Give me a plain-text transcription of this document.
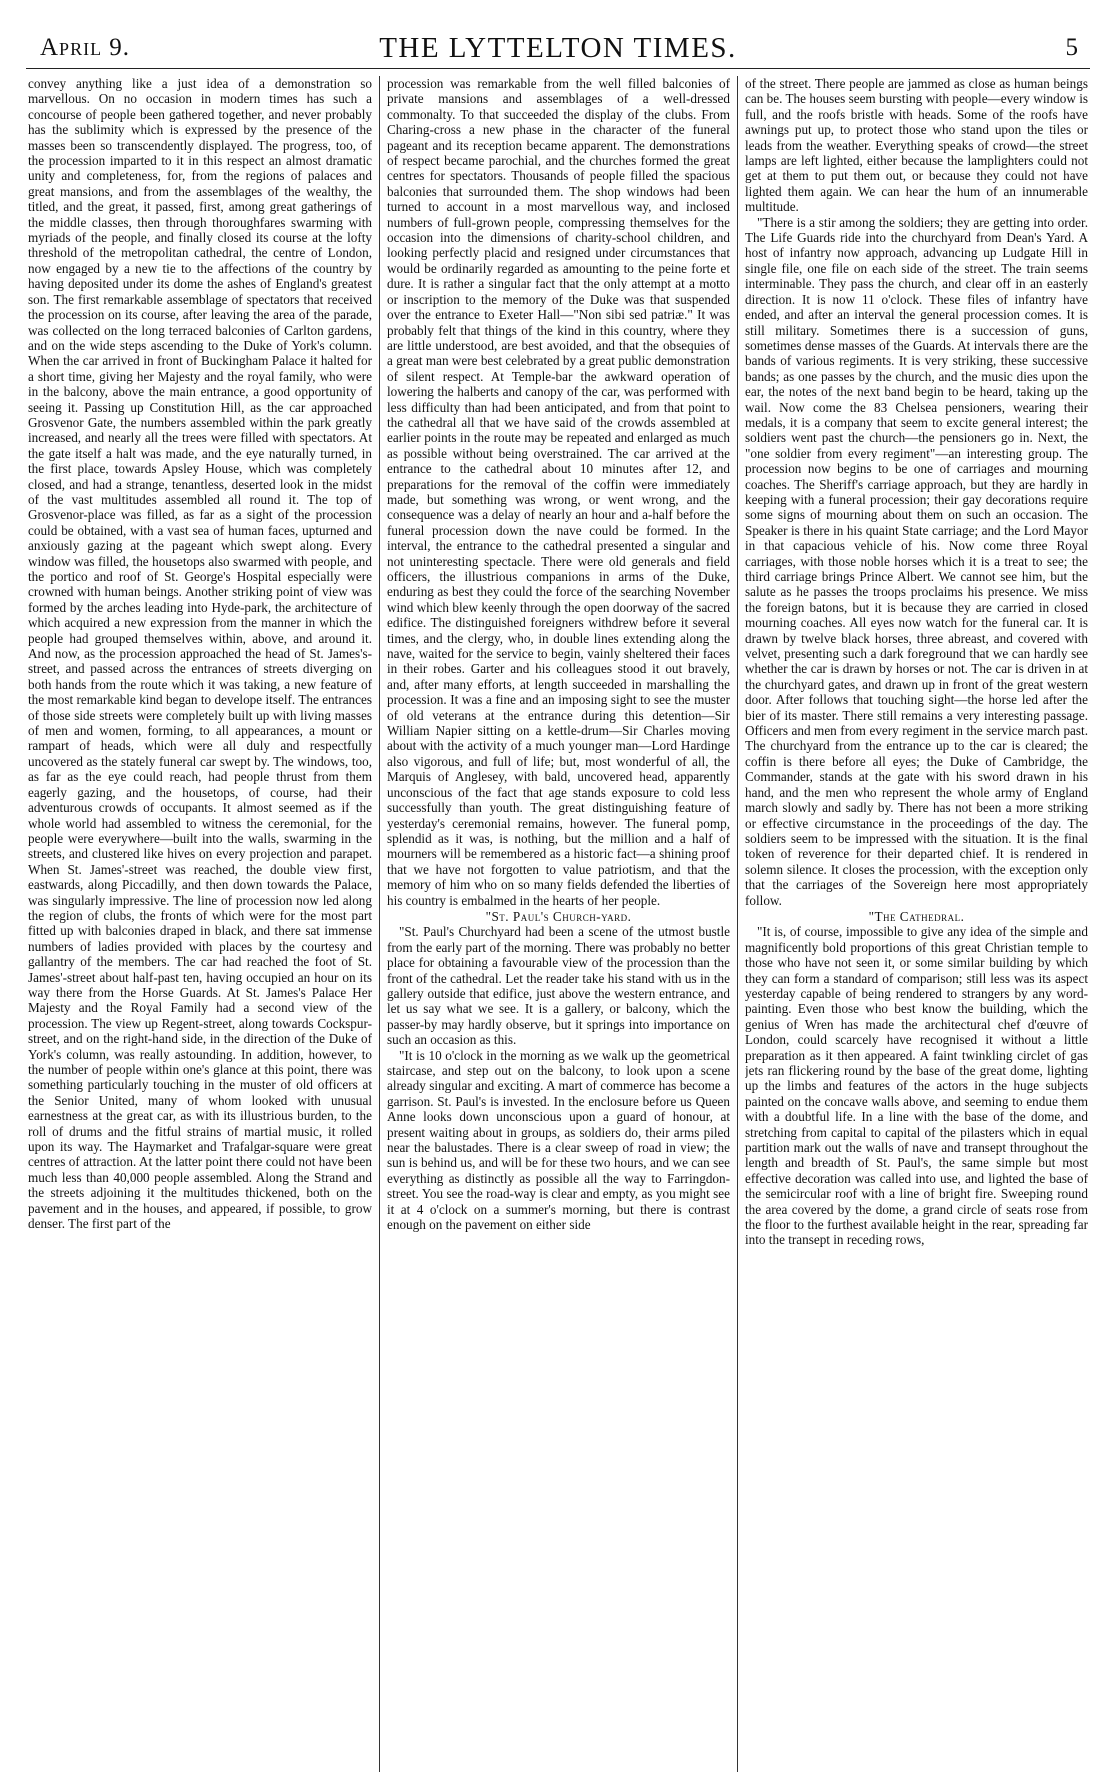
April 9.	THE LYTTELTON TIMES.	5

convey anything like a just idea of a demonstration so marvellous. On no occasion in modern times has such a concourse of people been gathered together, and never probably has the sublimity which is expressed by the presence of the masses been so transcendently displayed. The progress, too, of the procession imparted to it in this respect an almost dramatic unity and completeness, for, from the regions of palaces and great mansions, and from the assemblages of the wealthy, the titled, and the great, it passed, first, among great gatherings of the middle classes, then through thoroughfares swarming with myriads of the people, and finally closed its course at the lofty threshold of the metropolitan cathedral, the centre of London, now engaged by a new tie to the affections of the country by having deposited under its dome the ashes of England's greatest son. The first remarkable assemblage of spectators that received the procession on its course, after leaving the area of the parade, was collected on the long terraced balconies of Carlton gardens, and on the wide steps ascending to the Duke of York's column. When the car arrived in front of Buckingham Palace it halted for a short time, giving her Majesty and the royal family, who were in the balcony, above the main entrance, a good opportunity of seeing it. Passing up Constitution Hill, as the car approached Grosvenor Gate, the numbers assembled within the park greatly increased, and nearly all the trees were filled with spectators. At the gate itself a halt was made, and the eye naturally turned, in the first place, towards Apsley House, which was completely closed, and had a strange, tenantless, deserted look in the midst of the vast multitudes assembled all round it. The top of Grosvenor-place was filled, as far as a sight of the procession could be obtained, with a vast sea of human faces, upturned and anxiously gazing at the pageant which swept along. Every window was filled, the housetops also swarmed with people, and the portico and roof of St. George's Hospital especially were crowned with human beings. Another striking point of view was formed by the arches leading into Hyde-park, the architecture of which acquired a new expression from the manner in which the people had grouped themselves within, above, and around it. And now, as the procession approached the head of St. James's-street, and passed across the entrances of streets diverging on both hands from the route which it was taking, a new feature of the most remarkable kind began to develope itself. The entrances of those side streets were completely built up with living masses of men and women, forming, to all appearances, a mount or rampart of heads, which were all duly and respectfully uncovered as the stately funeral car swept by. The windows, too, as far as the eye could reach, had people thrust from them eagerly gazing, and the housetops, of course, had their adventurous crowds of occupants. It almost seemed as if the whole world had assembled to witness the ceremonial, for the people were everywhere—built into the walls, swarming in the streets, and clustered like hives on every projection and parapet. When St. James'-street was reached, the double view first, eastwards, along Piccadilly, and then down towards the Palace, was singularly impressive. The line of procession now led along the region of clubs, the fronts of which were for the most part fitted up with balconies draped in black, and there sat immense numbers of ladies provided with places by the courtesy and gallantry of the members. The car had reached the foot of St. James'-street about half-past ten, having occupied an hour on its way there from the Horse Guards. At St. James's Palace Her Majesty and the Royal Family had a second view of the procession. The view up Regent-street, along towards Cockspur-street, and on the right-hand side, in the direction of the Duke of York's column, was really astounding. In addition, however, to the number of people within one's glance at this point, there was something particularly touching in the muster of old officers at the Senior United, many of whom looked with unusual earnestness at the great car, as with its illustrious burden, to the roll of drums and the fitful strains of martial music, it rolled upon its way. The Haymarket and Trafalgar-square were great centres of attraction. At the latter point there could not have been much less than 40,000 people assembled. Along the Strand and the streets adjoining it the multitudes thickened, both on the pavement and in the houses, and appeared, if possible, to grow denser. The first part of the

procession was remarkable from the well filled balconies of private mansions and assemblages of a well-dressed commonalty. To that succeeded the display of the clubs. From Charing-cross a new phase in the character of the funeral pageant and its reception became apparent. The demonstrations of respect became parochial, and the churches formed the great centres for spectators. Thousands of people filled the spacious balconies that surrounded them. The shop windows had been turned to account in a most marvellous way, and inclosed numbers of full-grown people, compressing themselves for the occasion into the dimensions of charity-school children, and looking perfectly placid and resigned under circumstances that would be ordinarily regarded as amounting to the peine forte et dure. It is rather a singular fact that the only attempt at a motto or inscription to the memory of the Duke was that suspended over the entrance to Exeter Hall—"Non sibi sed patriæ." It was probably felt that things of the kind in this country, where they are little understood, are best avoided, and that the obsequies of a great man were best celebrated by a great public demonstration of silent respect. At Temple-bar the awkward operation of lowering the halberts and canopy of the car, was performed with less difficulty than had been anticipated, and from that point to the cathedral all that we have said of the crowds assembled at earlier points in the route may be repeated and enlarged as much as possible without being overstrained. The car arrived at the entrance to the cathedral about 10 minutes after 12, and preparations for the removal of the coffin were immediately made, but something was wrong, or went wrong, and the consequence was a delay of nearly an hour and a-half before the funeral procession down the nave could be formed. In the interval, the entrance to the cathedral presented a singular and not uninteresting spectacle. There were old generals and field officers, the illustrious companions in arms of the Duke, enduring as best they could the force of the searching November wind which blew keenly through the open doorway of the sacred edifice. The distinguished foreigners withdrew before it several times, and the clergy, who, in double lines extending along the nave, waited for the service to begin, vainly sheltered their faces in their robes. Garter and his colleagues stood it out bravely, and, after many efforts, at length succeeded in marshalling the procession. It was a fine and an imposing sight to see the muster of old veterans at the entrance during this detention—Sir William Napier sitting on a kettle-drum—Sir Charles moving about with the activity of a much younger man—Lord Hardinge also vigorous, and full of life; but, most wonderful of all, the Marquis of Anglesey, with bald, uncovered head, apparently unconscious of the fact that age stands exposure to cold less successfully than youth. The great distinguishing feature of yesterday's ceremonial remains, however. The funeral pomp, splendid as it was, is nothing, but the million and a half of mourners will be remembered as a historic fact—a shining proof that we have not forgotten to value patriotism, and that the memory of him who on so many fields defended the liberties of his country is embalmed in the hearts of her people.

"St. Paul's Church-yard.

"St. Paul's Churchyard had been a scene of the utmost bustle from the early part of the morning. There was probably no better place for obtaining a favourable view of the procession than the front of the cathedral. Let the reader take his stand with us in the gallery outside that edifice, just above the western entrance, and let us say what we see. It is a gallery, or balcony, which the passer-by may hardly observe, but it springs into importance on such an occasion as this.

"It is 10 o'clock in the morning as we walk up the geometrical staircase, and step out on the balcony, to look upon a scene already singular and exciting. A mart of commerce has become a garrison. St. Paul's is invested. In the enclosure before us Queen Anne looks down unconscious upon a guard of honour, at present waiting about in groups, as soldiers do, their arms piled near the balustades. There is a clear sweep of road in view; the sun is behind us, and will be for these two hours, and we can see everything as distinctly as possible all the way to Farringdon-street. You see the road-way is clear and empty, as you might see it at 4 o'clock on a summer's morning, but there is contrast enough on the pavement on either side

of the street. There people are jammed as close as human beings can be. The houses seem bursting with people—every window is full, and the roofs bristle with heads. Some of the roofs have awnings put up, to protect those who stand upon the tiles or leads from the weather. Everything speaks of crowd—the street lamps are left lighted, either because the lamplighters could not get at them to put them out, or because they could not have lighted them again. We can hear the hum of an innumerable multitude.

"There is a stir among the soldiers; they are getting into order. The Life Guards ride into the churchyard from Dean's Yard. A host of infantry now approach, advancing up Ludgate Hill in single file, one file on each side of the street. The train seems interminable. They pass the church, and clear off in an easterly direction. It is now 11 o'clock. These files of infantry have ended, and after an interval the general procession comes. It is still military. Sometimes there is a succession of guns, sometimes dense masses of the Guards. At intervals there are the bands of various regiments. It is very striking, these successive bands; as one passes by the church, and the music dies upon the ear, the notes of the next band begin to be heard, taking up the wail. Now come the 83 Chelsea pensioners, wearing their medals, it is a company that seem to excite general interest; the soldiers went past the church—the pensioners go in. Next, the "one soldier from every regiment"—an interesting group. The procession now begins to be one of carriages and mourning coaches. The Sheriff's carriage approach, but they are hardly in keeping with a funeral procession; their gay decorations require some signs of mourning about them on such an occasion. The Speaker is there in his quaint State carriage; and the Lord Mayor in that capacious vehicle of his. Now come three Royal carriages, with those noble horses which it is a treat to see; the third carriage brings Prince Albert. We cannot see him, but the salute as he passes the troops proclaims his presence. We miss the foreign batons, but it is because they are carried in closed mourning coaches. All eyes now watch for the funeral car. It is drawn by twelve black horses, three abreast, and covered with velvet, presenting such a dark foreground that we can hardly see whether the car is drawn by horses or not. The car is driven in at the churchyard gates, and drawn up in front of the great western door. After follows that touching sight—the horse led after the bier of its master. There still remains a very interesting passage. Officers and men from every regiment in the service march past. The churchyard from the entrance up to the car is cleared; the coffin is there before all eyes; the Duke of Cambridge, the Commander, stands at the gate with his sword drawn in his hand, and the men who represent the whole army of England march slowly and sadly by. There has not been a more striking or effective circumstance in the proceedings of the day. The soldiers seem to be impressed with the situation. It is the final token of reverence for their departed chief. It is rendered in solemn silence. It closes the procession, with the exception only that the carriages of the Sovereign here most appropriately follow.

"The Cathedral.

"It is, of course, impossible to give any idea of the simple and magnificently bold proportions of this great Christian temple to those who have not seen it, or some similar building by which they can form a standard of comparison; still less was its aspect yesterday capable of being rendered to strangers by any word-painting. Even those who best know the building, which the genius of Wren has made the architectural chef d'œuvre of London, could scarcely have recognised it without a little preparation as it then appeared. A faint twinkling circlet of gas jets ran flickering round by the base of the great dome, lighting up the limbs and features of the actors in the huge subjects painted on the concave walls above, and seeming to endue them with a doubtful life. In a line with the base of the dome, and stretching from capital to capital of the pilasters which in equal partition mark out the walls of nave and transept throughout the length and breadth of St. Paul's, the same simple but most effective decoration was called into use, and lighted the base of the semicircular roof with a line of bright fire. Sweeping round the area covered by the dome, a grand circle of seats rose from the floor to the furthest available height in the rear, spreading far into the transept in receding rows,
